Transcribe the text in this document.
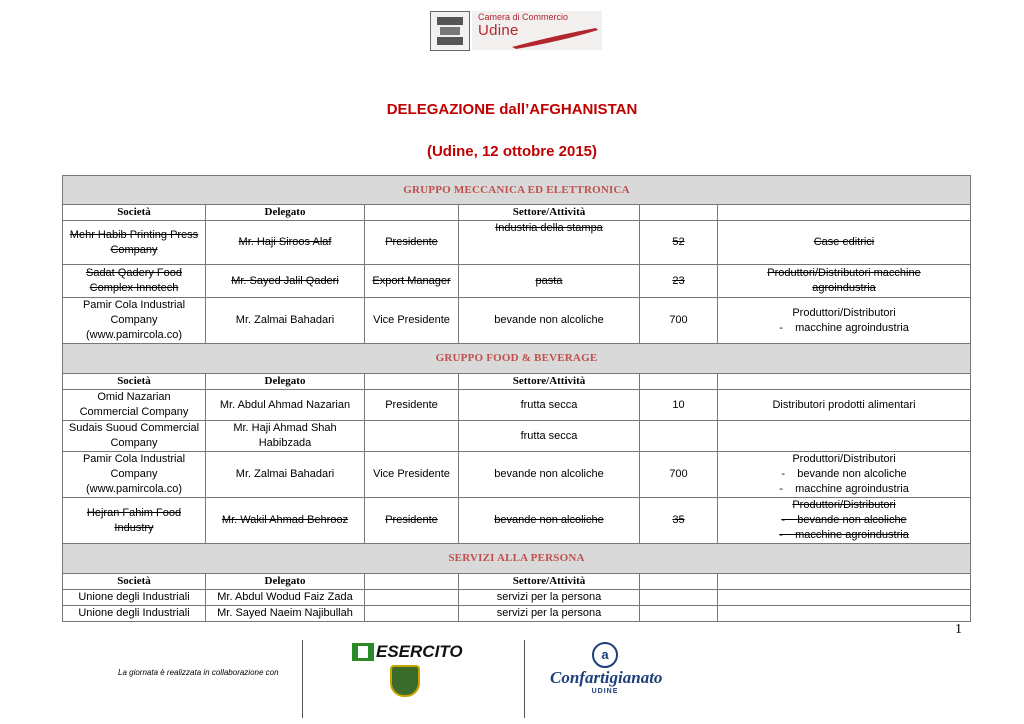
Camera di Commercio
Udine
DELEGAZIONE dall’AFGHANISTAN
(Udine, 12 ottobre 2015)
GRUPPO MECCANICA ED ELETTRONICA					
Società	Delegato		Settore/Attività		

Mehr Habib Printing Press
Company	Mr. Haji Siroos Alaf	Presidente	Industria della stampa	52	Case editrici

Sadat Qadery Food
Complex Innotech	Mr. Sayed Jalil Qaderi	Export Manager	pasta	23	Produttori/Distributori macchine
agroindustria

Pamir Cola Industrial
Company
(www.pamircola.co)	Mr. Zalmai Bahadari	Vice Presidente	bevande non alcoliche	700	Produttori/Distributori
-    macchine agroindustria

GRUPPO FOOD & BEVERAGE					
Società	Delegato		Settore/Attività		

Omid Nazarian
Commercial Company	Mr. Abdul Ahmad Nazarian	Presidente	frutta secca	10	Distributori prodotti alimentari

Sudais Suoud Commercial
Company	Mr. Haji Ahmad Shah
Habibzada		frutta secca		

Pamir Cola Industrial
Company
(www.pamircola.co)	Mr. Zalmai Bahadari	Vice Presidente	bevande non alcoliche	700	Produttori/Distributori
-    bevande non alcoliche
-    macchine agroindustria

Hejran Fahim Food
Industry	Mr. Wakil Ahmad Behrooz	Presidente	bevande non alcoliche	35	Produttori/Distributori
-    bevande non alcoliche
-    macchine agroindustria

SERVIZI ALLA PERSONA					
Società	Delegato		Settore/Attività		

Unione degli Industriali	Mr. Abdul Wodud Faiz Zada		servizi per la persona		

Unione degli Industriali	Mr. Sayed Naeim Najibullah		servizi per la persona		
1
La giornata è realizzata in collaborazione con
ESERCITO	a
Confartigianato
UDINE
